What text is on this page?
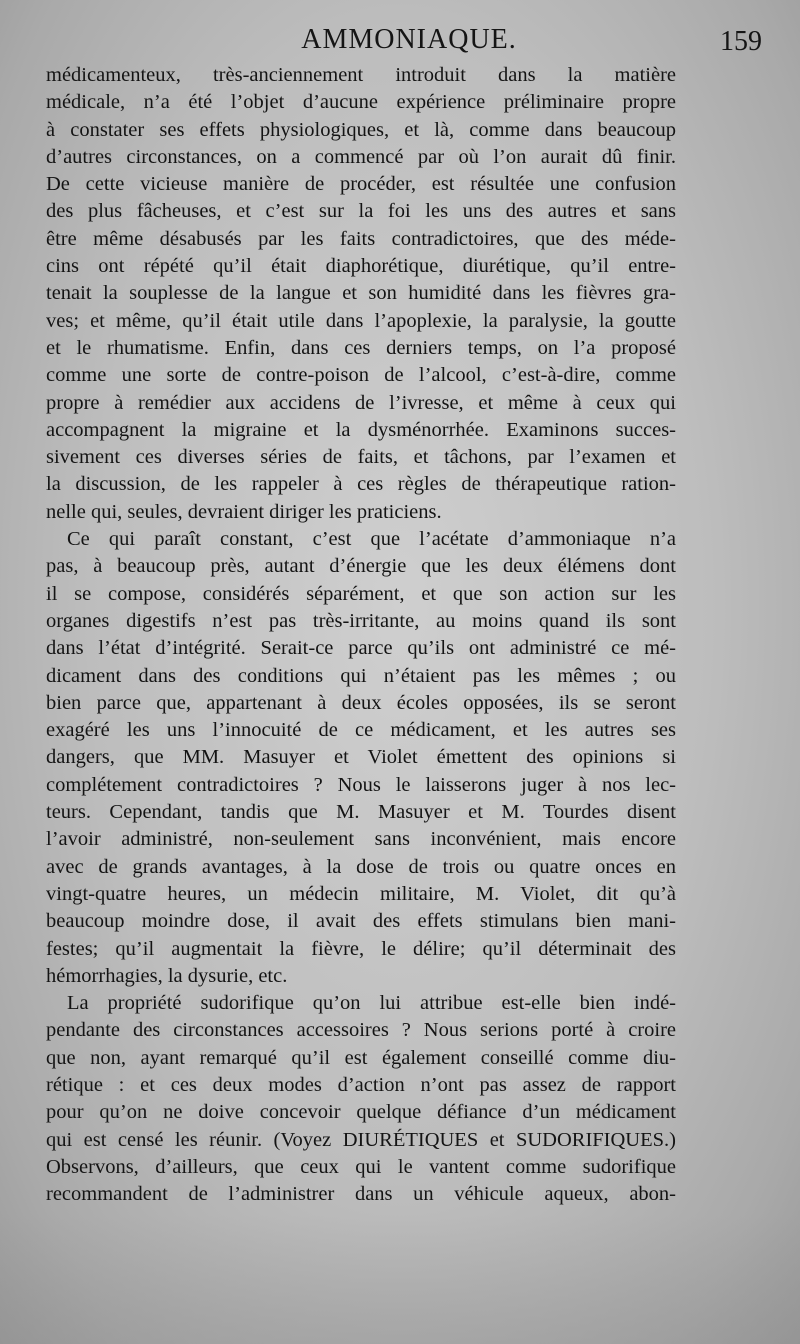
AMMONIAQUE.	159
médicamenteux, très-anciennement introduit dans la matière
médicale, n’a été l’objet d’aucune expérience préliminaire propre
à constater ses effets physiologiques, et là, comme dans beaucoup
d’autres circonstances, on a commencé par où l’on aurait dû finir.
De cette vicieuse manière de procéder, est résultée une confusion
des plus fâcheuses, et c’est sur la foi les uns des autres et sans
être même désabusés par les faits contradictoires, que des méde-
cins ont répété qu’il était diaphorétique, diurétique, qu’il entre-
tenait la souplesse de la langue et son humidité dans les fièvres gra-
ves; et même, qu’il était utile dans l’apoplexie, la paralysie, la goutte
et le rhumatisme. Enfin, dans ces derniers temps, on l’a proposé
comme une sorte de contre-poison de l’alcool, c’est-à-dire, comme
propre à remédier aux accidens de l’ivresse, et même à ceux qui
accompagnent la migraine et la dysménorrhée. Examinons succes-
sivement ces diverses séries de faits, et tâchons, par l’examen et
la discussion, de les rappeler à ces règles de thérapeutique ration-
nelle qui, seules, devraient diriger les praticiens.
Ce qui paraît constant, c’est que l’acétate d’ammoniaque n’a
pas, à beaucoup près, autant d’énergie que les deux élémens dont
il se compose, considérés séparément, et que son action sur les
organes digestifs n’est pas très-irritante, au moins quand ils sont
dans l’état d’intégrité. Serait-ce parce qu’ils ont administré ce mé-
dicament dans des conditions qui n’étaient pas les mêmes ; ou
bien parce que, appartenant à deux écoles opposées, ils se seront
exagéré les uns l’innocuité de ce médicament, et les autres ses
dangers, que MM. Masuyer et Violet émettent des opinions si
complétement contradictoires ? Nous le laisserons juger à nos lec-
teurs. Cependant, tandis que M. Masuyer et M. Tourdes disent
l’avoir administré, non-seulement sans inconvénient, mais encore
avec de grands avantages, à la dose de trois ou quatre onces en
vingt-quatre heures, un médecin militaire, M. Violet, dit qu’à
beaucoup moindre dose, il avait des effets stimulans bien mani-
festes; qu’il augmentait la fièvre, le délire; qu’il déterminait des
hémorrhagies, la dysurie, etc.
La propriété sudorifique qu’on lui attribue est-elle bien indé-
pendante des circonstances accessoires ? Nous serions porté à croire
que non, ayant remarqué qu’il est également conseillé comme diu-
rétique : et ces deux modes d’action n’ont pas assez de rapport
pour qu’on ne doive concevoir quelque défiance d’un médicament
qui est censé les réunir. (Voyez DIURÉTIQUES et SUDORIFIQUES.)
Observons, d’ailleurs, que ceux qui le vantent comme sudorifique
recommandent de l’administrer dans un véhicule aqueux, abon-
